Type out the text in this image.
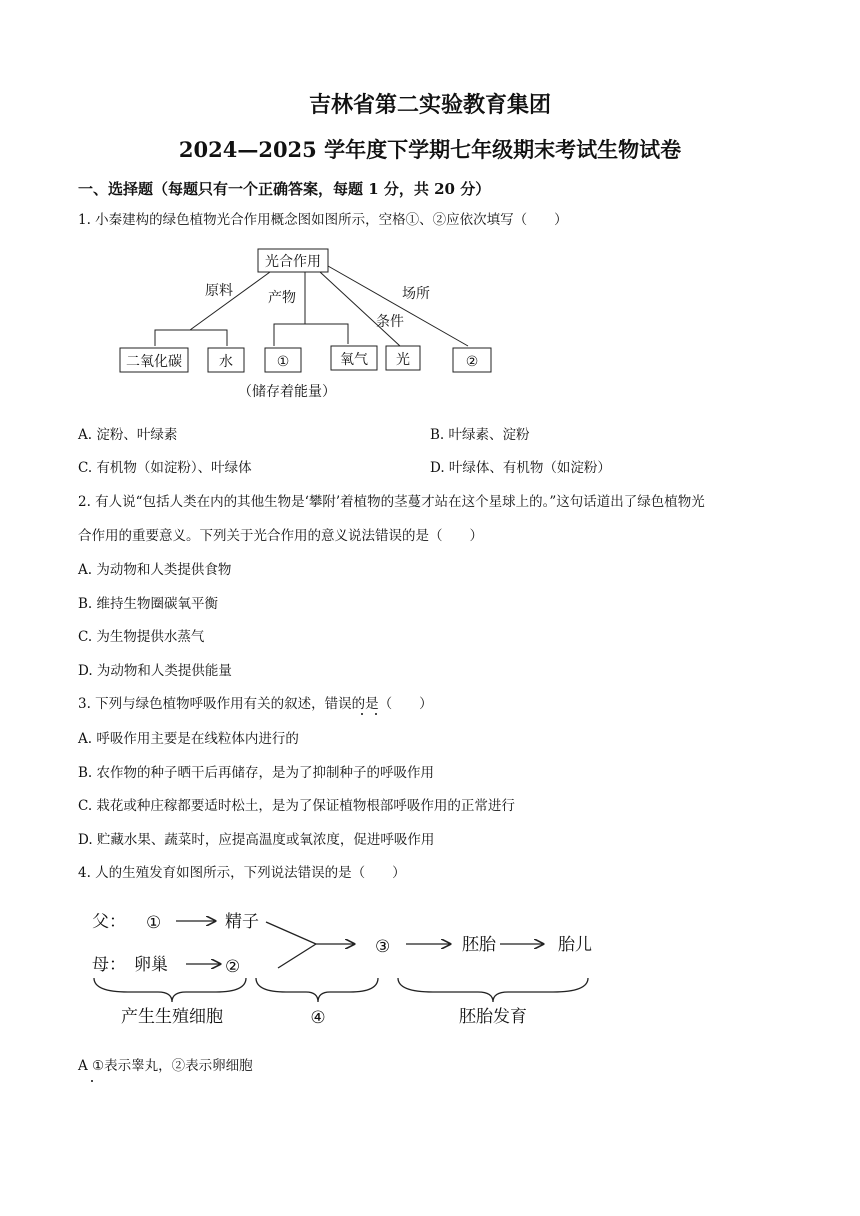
吉林省第二实验教育集团
2024—2025 学年度下学期七年级期末考试生物试卷
一、选择题（每题只有一个正确答案，每题 1 分，共 20 分）
1. 小秦建构的绿色植物光合作用概念图如图所示，空格①、②应依次填写（　　）
光合作用
原料	产物
条件
场所
二氧化碳	水	①	氧气 光	②
（储存着能量）
A. 淀粉、叶绿素	B. 叶绿素、淀粉
C. 有机物（如淀粉）、叶绿体	D. 叶绿体、有机物（如淀粉）
2. 有人说“包括人类在内的其他生物是‘攀附’着植物的茎蔓才站在这个星球上的。”这句话道出了绿色植物光
合作用的重要意义。下列关于光合作用的意义说法错误的是（　　）
A. 为动物和人类提供食物
B. 维持生物圈碳氧平衡
C. 为生物提供水蒸气
D. 为动物和人类提供能量
3. 下列与绿色植物呼吸作用有关的叙述，错误的是（　　）
A. 呼吸作用主要是在线粒体内进行的
B. 农作物的种子晒干后再储存，是为了抑制种子的呼吸作用
C. 栽花或种庄稼都要适时松土，是为了保证植物根部呼吸作用的正常进行
D. 贮藏水果、蔬菜时，应提高温度或氧浓度，促进呼吸作用
4. 人的生殖发育如图所示，下列说法错误的是（　　）
父：
母：
①	精子
卵巢	②
③	胚胎	胎儿
产生生殖细胞	④	胚胎发育
A ①表示睾丸，②表示卵细胞
